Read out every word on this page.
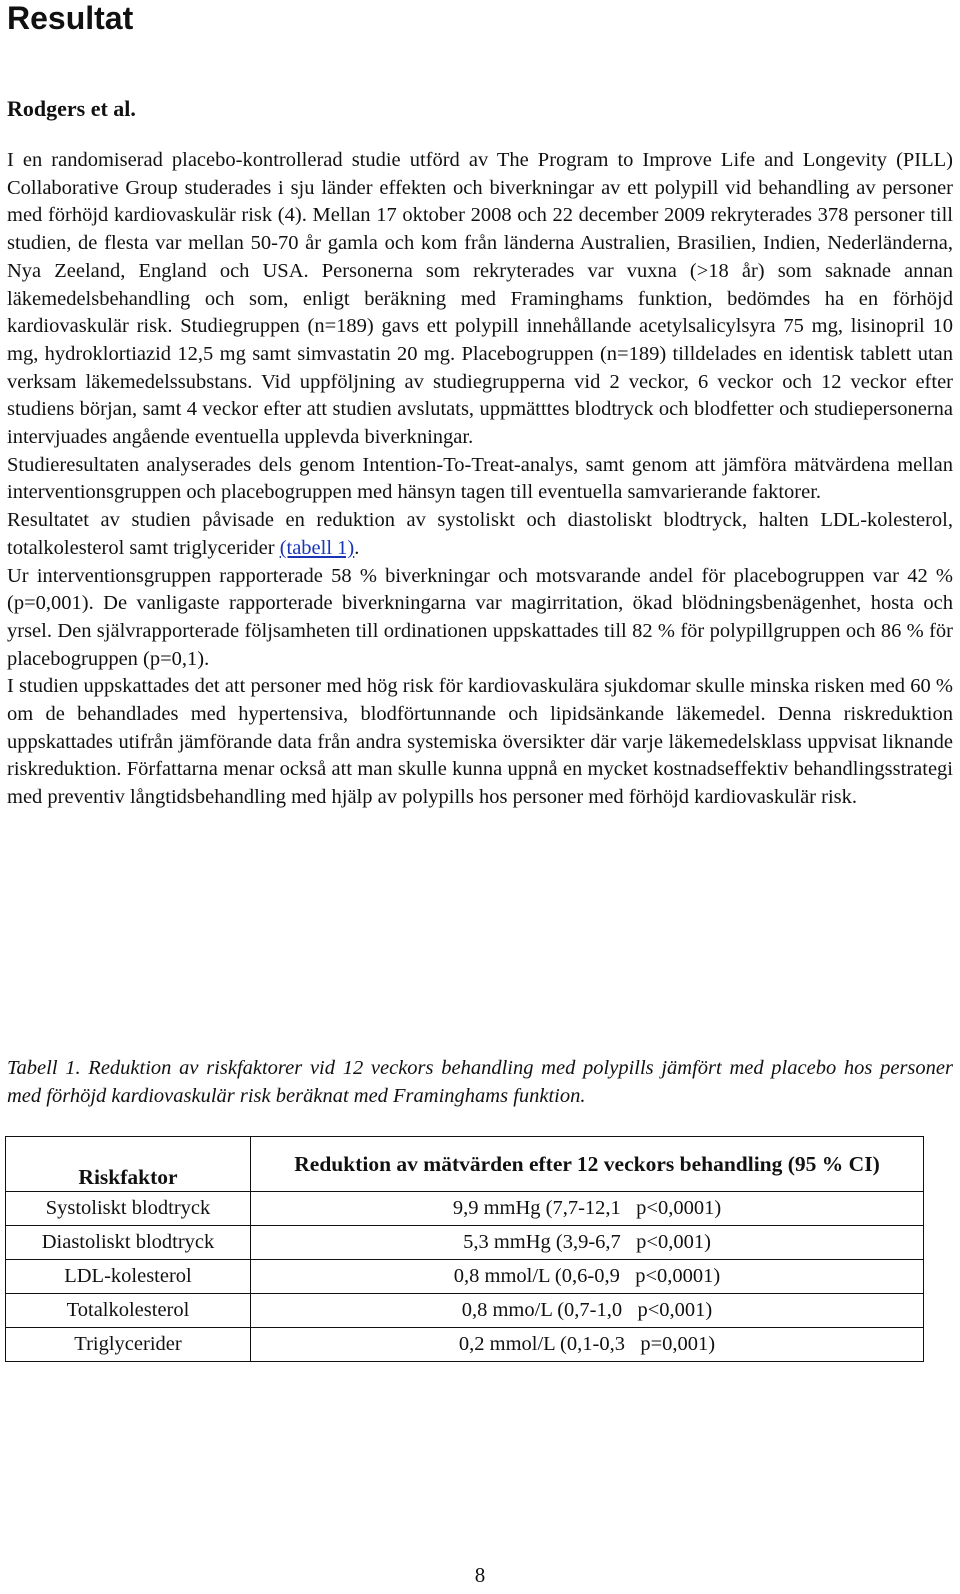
Resultat
Rodgers et al.

I en randomiserad placebo-kontrollerad studie utförd av The Program to Improve Life and Longevity (PILL) Collaborative Group studerades i sju länder effekten och biverkningar av ett polypill vid behandling av personer med förhöjd kardiovaskulär risk (4). Mellan 17 oktober 2008 och 22 december 2009 rekryterades 378 personer till studien, de flesta var mellan 50-70 år gamla och kom från länderna Australien, Brasilien, Indien, Nederländerna, Nya Zeeland, England och USA. Personerna som rekryterades var vuxna (>18 år) som saknade annan läkemedelsbehandling och som, enligt beräkning med Framinghams funktion, bedömdes ha en förhöjd kardiovaskulär risk. Studiegruppen (n=189) gavs ett polypill innehållande acetylsalicylsyra 75 mg, lisinopril 10 mg, hydroklortiazid 12,5 mg samt simvastatin 20 mg. Placebogruppen (n=189) tilldelades en identisk tablett utan verksam läkemedelssubstans. Vid uppföljning av studiegrupperna vid 2 veckor, 6 veckor och 12 veckor efter studiens början, samt 4 veckor efter att studien avslutats, uppmätttes blodtryck och blodfetter och studiepersonerna intervjuades angående eventuella upplevda biverkningar.

Studieresultaten analyserades dels genom Intention-To-Treat-analys, samt genom att jämföra mätvärdena mellan interventionsgruppen och placebogruppen med hänsyn tagen till eventuella samvarierande faktorer.

Resultatet av studien påvisade en reduktion av systoliskt och diastoliskt blodtryck, halten LDL-kolesterol, totalkolesterol samt triglycerider (tabell 1).

Ur interventionsgruppen rapporterade 58 % biverkningar och motsvarande andel för placebogruppen var 42 % (p=0,001). De vanligaste rapporterade biverkningarna var magirritation, ökad blödningsbenägenhet, hosta och yrsel. Den självrapporterade följsamheten till ordinationen uppskattades till 82 % för polypillgruppen och 86 % för placebogruppen (p=0,1).

I studien uppskattades det att personer med hög risk för kardiovaskulära sjukdomar skulle minska risken med 60 % om de behandlades med hypertensiva, blodförtunnande och lipidsänkande läkemedel. Denna riskreduktion uppskattades utifrån jämförande data från andra systemiska översikter där varje läkemedelsklass uppvisat liknande riskreduktion. Författarna menar också att man skulle kunna uppnå en mycket kostnadseffektiv behandlingsstrategi med preventiv långtidsbehandling med hjälp av polypills hos personer med förhöjd kardiovaskulär risk.

Tabell 1. Reduktion av riskfaktorer vid 12 veckors behandling med polypills jämfört med placebo hos personer med förhöjd kardiovaskulär risk beräknat med Framinghams funktion.

Riskfaktor	Reduktion av mätvärden efter 12 veckors behandling (95 % CI)
Systoliskt blodtryck	9,9 mmHg (7,7-12,1   p<0,0001)
Diastoliskt blodtryck	5,3 mmHg (3,9-6,7   p<0,001)
LDL-kolesterol	0,8 mmol/L (0,6-0,9   p<0,0001)
Totalkolesterol	0,8 mmo/L (0,7-1,0   p<0,001)
Triglycerider	0,2 mmol/L (0,1-0,3   p=0,001)
8
